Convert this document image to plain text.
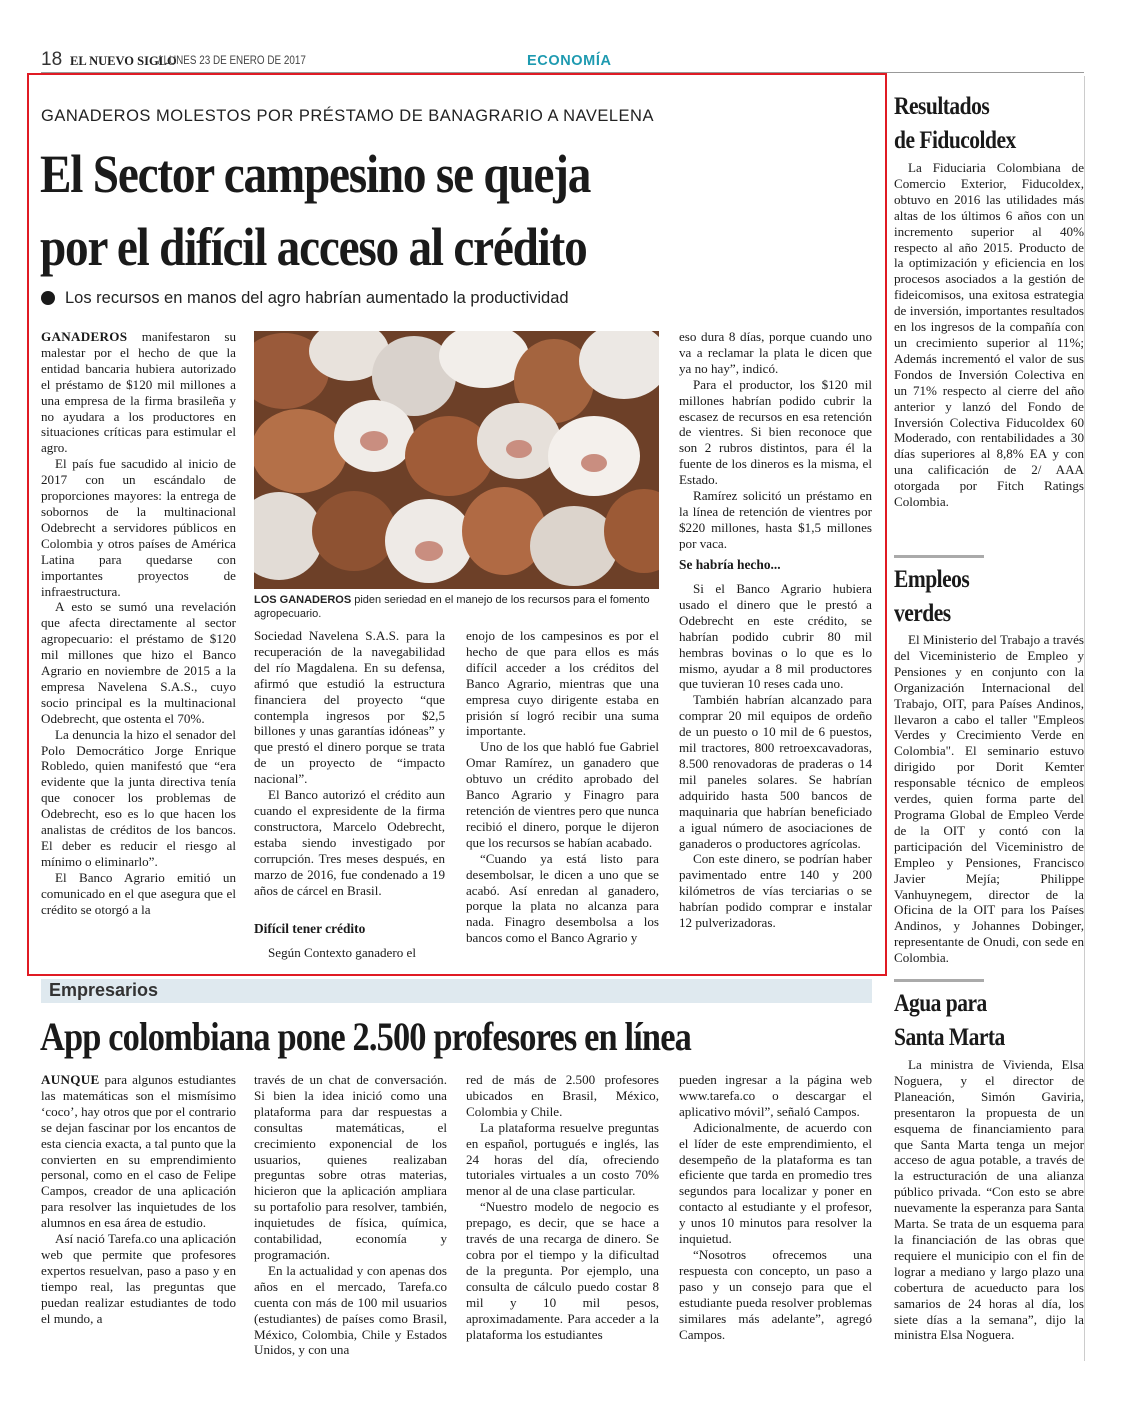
18 EL NUEVO SIGLO
/ LUNES 23 DE ENERO DE 2017	ECONOMÍA
GANADEROS MOLESTOS POR PRÉSTAMO DE BANAGRARIO A NAVELENA
El Sector campesino se queja
por el difícil acceso al crédito
Los recursos en manos del agro habrían aumentado la productividad

GANADEROS manifestaron su malestar por el hecho de que la entidad bancaria hubiera autorizado el préstamo de $120 mil millones a una empresa de la firma brasileña y no ayudara a los productores en situaciones críticas para estimular el agro.
El país fue sacudido al inicio de 2017 con un escándalo de proporciones mayores: la entrega de sobornos de la multinacional Odebrecht a servidores públicos en Colombia y otros países de América Latina para quedarse con importantes proyectos de infraestructura.
A esto se sumó una revelación que afecta directamente al sector agropecuario: el préstamo de $120 mil millones que hizo el Banco Agrario en noviembre de 2015 a la empresa Navelena S.A.S., cuyo socio principal es la multinacional Odebrecht, que ostenta el 70%.
La denuncia la hizo el senador del Polo Democrático Jorge Enrique Robledo, quien manifestó que “era evidente que la junta directiva tenía que conocer los problemas de Odebrecht, eso es lo que hacen los analistas de créditos de los bancos. El deber es reducir el riesgo al mínimo o eliminarlo”.
El Banco Agrario emitió un comunicado en el que asegura que el crédito se otorgó a la

LOS GANADEROS piden seriedad en el manejo de los recursos para el fomento agropecuario.

Sociedad Navelena S.A.S. para la recuperación de la navegabilidad del río Magdalena. En su defensa, afirmó que estudió la estructura financiera del proyecto “que contempla ingresos por $2,5 billones y unas garantías idóneas” y que prestó el dinero porque se trata de un proyecto de “impacto nacional”.
El Banco autorizó el crédito aun cuando el expresidente de la firma constructora, Marcelo Odebrecht, estaba siendo investigado por corrupción. Tres meses después, en marzo de 2016, fue condenado a 19 años de cárcel en Brasil.

Difícil tener crédito

Según Contexto ganadero el

enojo de los campesinos es por el hecho de que para ellos es más difícil acceder a los créditos del Banco Agrario, mientras que una empresa cuyo dirigente estaba en prisión sí logró recibir una suma importante.
Uno de los que habló fue Gabriel Omar Ramírez, un ganadero que obtuvo un crédito aprobado del Banco Agrario y Finagro para retención de vientres pero que nunca recibió el dinero, porque le dijeron que los recursos se habían acabado.
“Cuando ya está listo para desembolsar, le dicen a uno que se acabó. Así enredan al ganadero, porque la plata no alcanza para nada. Finagro desembolsa a los bancos como el Banco Agrario y

eso dura 8 días, porque cuando uno va a reclamar la plata le dicen que ya no hay”, indicó.
Para el productor, los $120 mil millones habrían podido cubrir la escasez de recursos en esa retención de vientres. Si bien reconoce que son 2 rubros distintos, para él la fuente de los dineros es la misma, el Estado.
Ramírez solicitó un préstamo en la línea de retención de vientres por $220 millones, hasta $1,5 millones por vaca.

Se habría hecho...

Si el Banco Agrario hubiera usado el dinero que le prestó a Odebrecht en este crédito, se habrían podido cubrir 80 mil hembras bovinas o lo que es lo mismo, ayudar a 8 mil productores que tuvieran 10 reses cada uno.
También habrían alcanzado para comprar 20 mil equipos de ordeño de un puesto o 10 mil de 6 puestos, mil tractores, 800 retroexcavadoras, 8.500 renovadoras de praderas o 14 mil paneles solares. Se habrían adquirido hasta 500 bancos de maquinaria que habrían beneficiado a igual número de asociaciones de ganaderos o productores agrícolas.
Con este dinero, se podrían haber pavimentado entre 140 y 200 kilómetros de vías terciarias o se habrían podido comprar e instalar 12 pulverizadoras.

Empresarios
App colombiana pone 2.500 profesores en línea

AUNQUE para algunos estudiantes las matemáticas son el mismísimo ‘coco’, hay otros que por el contrario se dejan fascinar por los encantos de esta ciencia exacta, a tal punto que la convierten en su emprendimiento personal, como en el caso de Felipe Campos, creador de una aplicación para resolver las inquietudes de los alumnos en esa área de estudio.
Así nació Tarefa.co una aplicación web que permite que profesores expertos resuelvan, paso a paso y en tiempo real, las preguntas que puedan realizar estudiantes de todo el mundo, a

través de un chat de conversación. Si bien la idea inició como una plataforma para dar respuestas a consultas matemáticas, el crecimiento exponencial de los usuarios, quienes realizaban preguntas sobre otras materias, hicieron que la aplicación ampliara su portafolio para resolver, también, inquietudes de física, química, contabilidad, economía y programación.
En la actualidad y con apenas dos años en el mercado, Tarefa.co cuenta con más de 100 mil usuarios (estudiantes) de países como Brasil, México, Colombia, Chile y Estados Unidos, y con una

red de más de 2.500 profesores ubicados en Brasil, México, Colombia y Chile.
La plataforma resuelve preguntas en español, portugués e inglés, las 24 horas del día, ofreciendo tutoriales virtuales a un costo 70% menor al de una clase particular.
“Nuestro modelo de negocio es prepago, es decir, que se hace a través de una recarga de dinero. Se cobra por el tiempo y la dificultad de la pregunta. Por ejemplo, una consulta de cálculo puedo costar 8 mil y 10 mil pesos, aproximadamente. Para acceder a la plataforma los estudiantes

pueden ingresar a la página web www.tarefa.co o descargar el aplicativo móvil”, señaló Campos.
Adicionalmente, de acuerdo con el líder de este emprendimiento, el desempeño de la plataforma es tan eficiente que tarda en promedio tres segundos para localizar y poner en contacto al estudiante y el profesor, y unos 10 minutos para resolver la inquietud.
“Nosotros ofrecemos una respuesta con concepto, un paso a paso y un consejo para que el estudiante pueda resolver problemas similares más adelante”, agregó Campos.

Resultados
de Fiducoldex

La Fiduciaria Colombiana de Comercio Exterior, Fiducoldex, obtuvo en 2016 las utilidades más altas de los últimos 6 años con un incremento superior al 40% respecto al año 2015. Producto de la optimización y eficiencia en los procesos asociados a la gestión de fideicomisos, una exitosa estrategia de inversión, importantes resultados en los ingresos de la compañía con un crecimiento superior al 11%; Además incrementó el valor de sus Fondos de Inversión Colectiva en un 71% respecto al cierre del año anterior y lanzó del Fondo de Inversión Colectiva Fiducoldex 60 Moderado, con rentabilidades a 30 días superiores al 8,8% EA y con una calificación de 2/ AAA otorgada por Fitch Ratings Colombia.

Empleos
verdes

El Ministerio del Trabajo a través del Viceministerio de Empleo y Pensiones y en conjunto con la Organización Internacional del Trabajo, OIT, para Países Andinos, llevaron a cabo el taller "Empleos Verdes y Crecimiento Verde en Colombia". El seminario estuvo dirigido por Dorit Kemter responsable técnico de empleos verdes, quien forma parte del Programa Global de Empleo Verde de la OIT y contó con la participación del Viceministro de Empleo y Pensiones, Francisco Javier Mejía; Philippe Vanhuynegem, director de la Oficina de la OIT para los Países Andinos, y Johannes Dobinger, representante de Onudi, con sede en Colombia.

Agua para
Santa Marta

La ministra de Vivienda, Elsa Noguera, y el director de Planeación, Simón Gaviria, presentaron la propuesta de un esquema de financiamiento para que Santa Marta tenga un mejor acceso de agua potable, a través de la estructuración de una alianza público privada. “Con esto se abre nuevamente la esperanza para Santa Marta. Se trata de un esquema para la financiación de las obras que requiere el municipio con el fin de lograr a mediano y largo plazo una cobertura de acueducto para los samarios de 24 horas al día, los siete días a la semana”, dijo la ministra Elsa Noguera.
